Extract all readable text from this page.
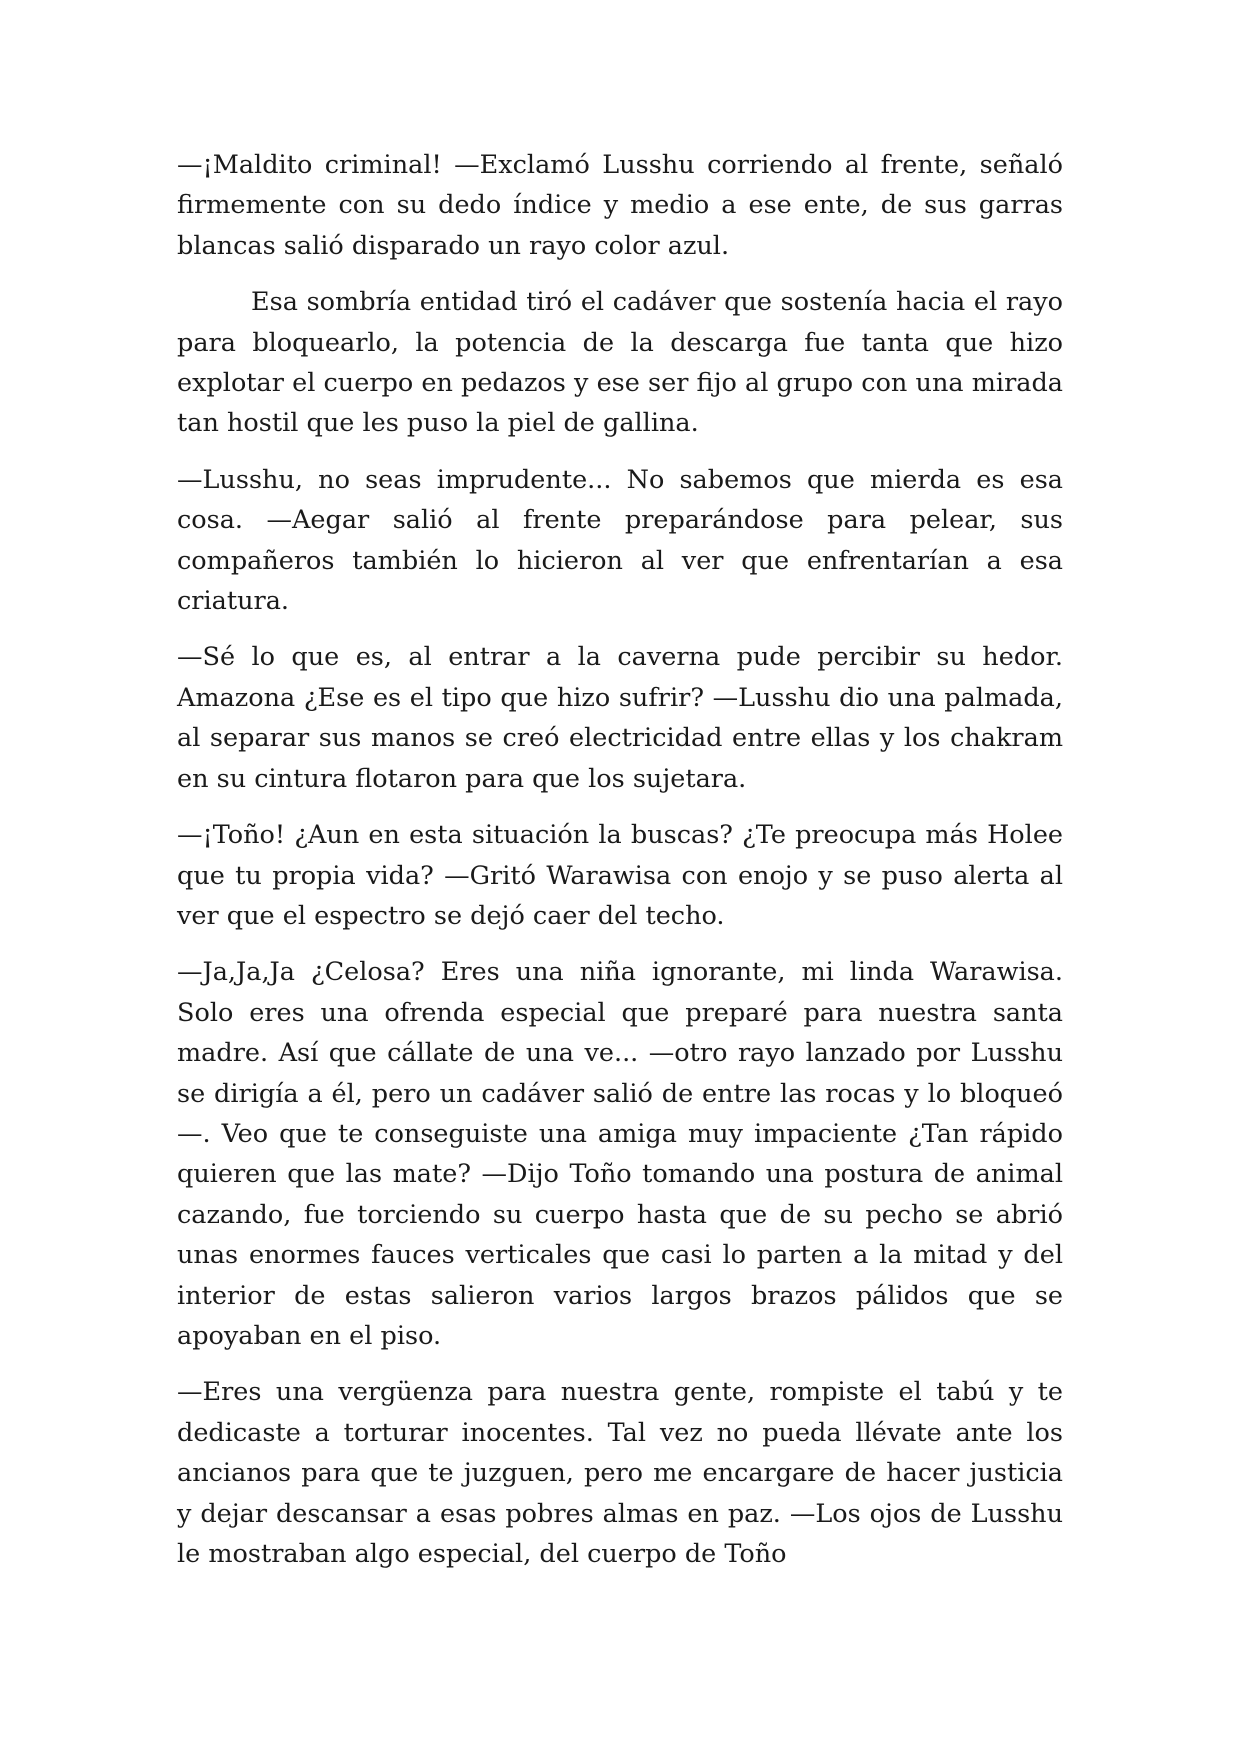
—¡Maldito criminal! —Exclamó Lusshu corriendo al frente, señaló firmemente con su dedo índice y medio a ese ente, de sus garras blancas salió disparado un rayo color azul.

Esa sombría entidad tiró el cadáver que sostenía hacia el rayo para bloquearlo, la potencia de la descarga fue tanta que hizo explotar el cuerpo en pedazos y ese ser fijo al grupo con una mirada tan hostil que les puso la piel de gallina.

—Lusshu, no seas imprudente... No sabemos que mierda es esa cosa. —Aegar salió al frente preparándose para pelear, sus compañeros también lo hicieron al ver que enfrentarían a esa criatura.

—Sé lo que es, al entrar a la caverna pude percibir su hedor. Amazona ¿Ese es el tipo que hizo sufrir? —Lusshu dio una palmada, al separar sus manos se creó electricidad entre ellas y los chakram en su cintura flotaron para que los sujetara.

—¡Toño! ¿Aun en esta situación la buscas? ¿Te preocupa más Holee que tu propia vida? —Gritó Warawisa con enojo y se puso alerta al ver que el espectro se dejó caer del techo.

—Ja,Ja,Ja ¿Celosa? Eres una niña ignorante, mi linda Warawisa. Solo eres una ofrenda especial que preparé para nuestra santa madre. Así que cállate de una ve... —otro rayo lanzado por Lusshu se dirigía a él, pero un cadáver salió de entre las rocas y lo bloqueó—. Veo que te conseguiste una amiga muy impaciente ¿Tan rápido quieren que las mate? —Dijo Toño tomando una postura de animal cazando, fue torciendo su cuerpo hasta que de su pecho se abrió unas enormes fauces verticales que casi lo parten a la mitad y del interior de estas salieron varios largos brazos pálidos que se apoyaban en el piso.

—Eres una vergüenza para nuestra gente, rompiste el tabú y te dedicaste a torturar inocentes. Tal vez no pueda llévate ante los ancianos para que te juzguen, pero me encargare de hacer justicia y dejar descansar a esas pobres almas en paz. —Los ojos de Lusshu le mostraban algo especial, del cuerpo de Toño
